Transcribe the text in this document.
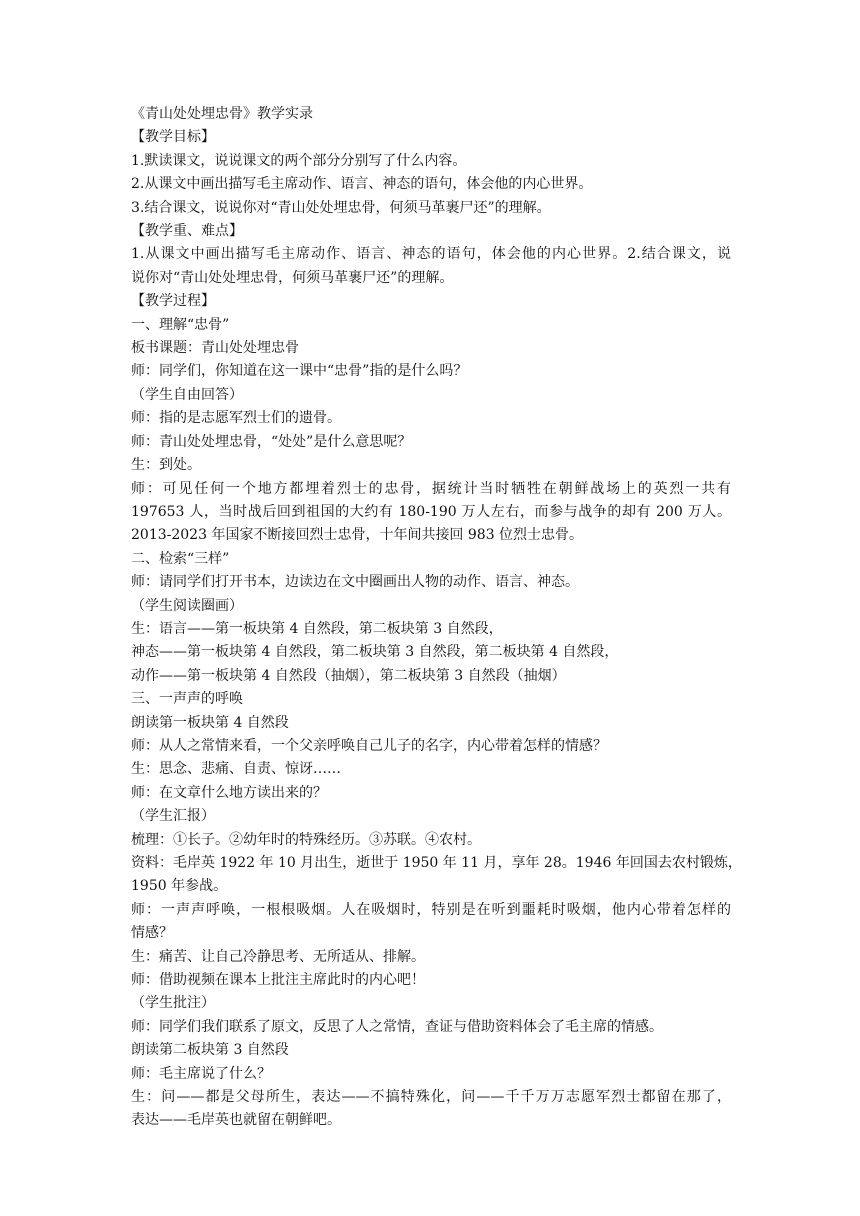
《青山处处埋忠骨》教学实录

【教学目标】

1.默读课文，说说课文的两个部分分别写了什么内容。

2.从课文中画出描写毛主席动作、语言、神态的语句，体会他的内心世界。

3.结合课文，说说你对“青山处处埋忠骨，何须马革裹尸还”的理解。

【教学重、难点】

1.从课文中画出描写毛主席动作、语言、神态的语句，体会他的内心世界。2.结合课文，说
说你对“青山处处埋忠骨，何须马革裹尸还”的理解。

【教学过程】

一、理解“忠骨”

板书课题：青山处处埋忠骨

师：同学们，你知道在这一课中“忠骨”指的是什么吗？

（学生自由回答）

师：指的是志愿军烈士们的遗骨。

师：青山处处埋忠骨，“处处”是什么意思呢？

生：到处。

师：可见任何一个地方都埋着烈士的忠骨，据统计当时牺牲在朝鲜战场上的英烈一共有
197653 人，当时战后回到祖国的大约有 180-190 万人左右，而参与战争的却有 200 万人。
2013-2023 年国家不断接回烈士忠骨，十年间共接回 983 位烈士忠骨。

二、检索“三样”

师：请同学们打开书本，边读边在文中圈画出人物的动作、语言、神态。

（学生阅读圈画）

生：语言——第一板块第 4 自然段，第二板块第 3 自然段，

神态——第一板块第 4 自然段，第二板块第 3 自然段，第二板块第 4 自然段，

动作——第一板块第 4 自然段（抽烟），第二板块第 3 自然段（抽烟）

三、一声声的呼唤

朗读第一板块第 4 自然段

师：从人之常情来看，一个父亲呼唤自己儿子的名字，内心带着怎样的情感？

生：思念、悲痛、自责、惊讶……

师：在文章什么地方读出来的？

（学生汇报）

梳理：①长子。②幼年时的特殊经历。③苏联。④农村。

资料：毛岸英 1922 年 10 月出生，逝世于 1950 年 11 月，享年 28。1946 年回国去农村锻炼，
1950 年参战。
师：一声声呼唤，一根根吸烟。人在吸烟时，特别是在听到噩耗时吸烟，他内心带着怎样的
情感？

生：痛苦、让自己冷静思考、无所适从、排解。

师：借助视频在课本上批注主席此时的内心吧！

（学生批注）

师：同学们我们联系了原文，反思了人之常情，查证与借助资料体会了毛主席的情感。

朗读第二板块第 3 自然段

师：毛主席说了什么？

生：问——都是父母所生，表达——不搞特殊化，问——千千万万志愿军烈士都留在那了，
表达——毛岸英也就留在朝鲜吧。
